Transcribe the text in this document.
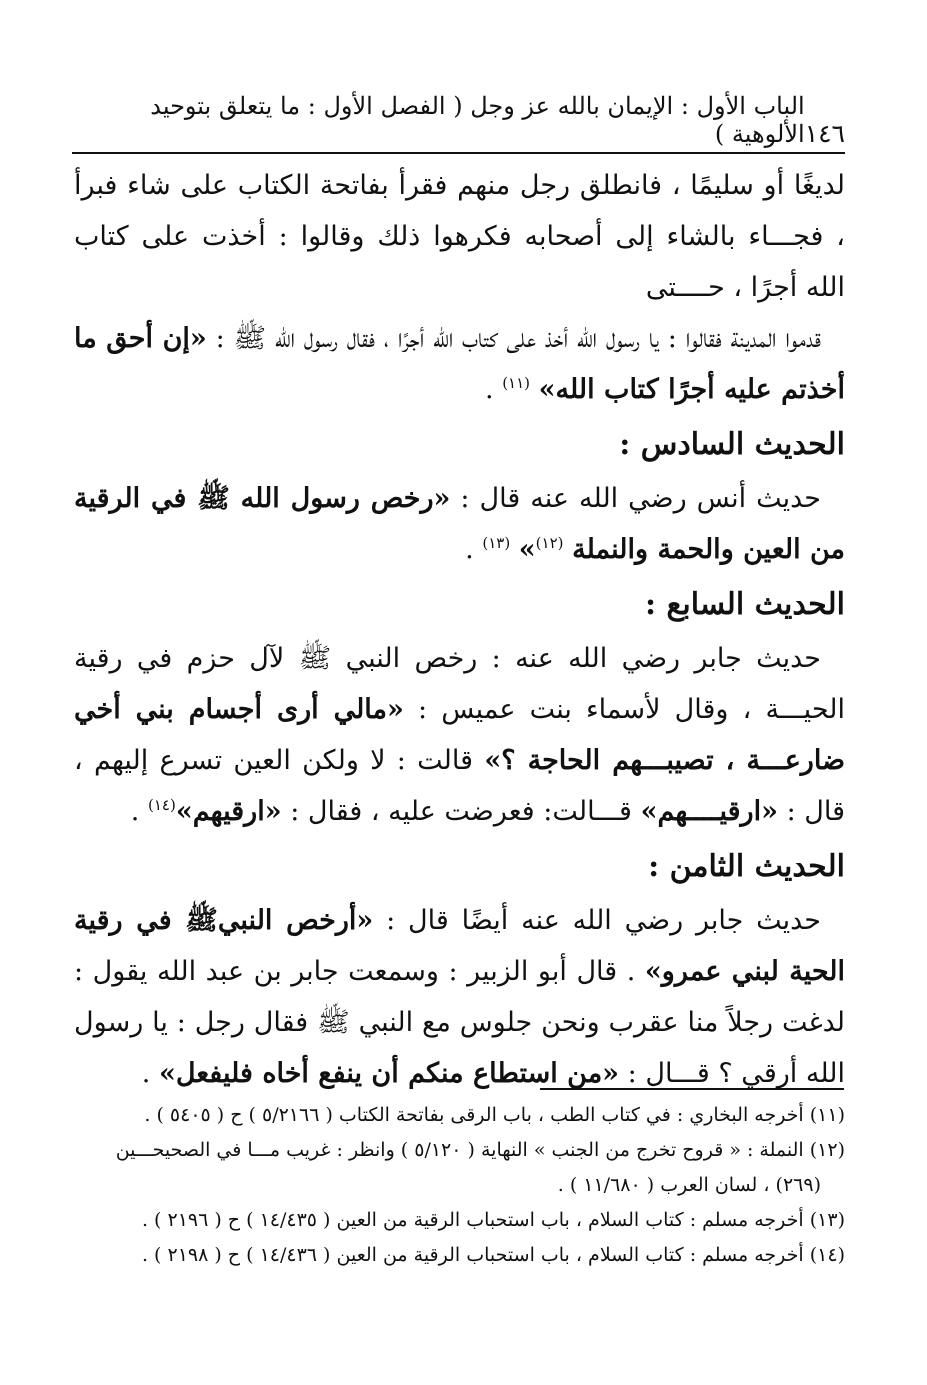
١٤٦
الباب الأول : الإيمان بالله عز وجل ( الفصل الأول : ما يتعلق بتوحيد الألوهية )

لديغًا أو سليمًا ، فانطلق رجل منهم فقرأ بفاتحة الكتاب على شاء فبرأ ، فجـــاء بالشاء إلى أصحابه فكرهوا ذلك وقالوا : أخذت على كتاب الله أجرًا ، حــــتى
قدموا المدينة فقالوا : يا رسول الله أخذ على كتاب الله أجرًا ، فقال رسول الله ﷺ : «إن أحق ما أخذتم عليه أجرًا كتاب الله» $^{(١١)}$ .

الحديث السادس :

حديث أنس رضي الله عنه قال : «رخص رسول الله ﷺ في الرقية من العين والحمة والنملة $^{(١٢)}$» $^{(١٣)}$ .

الحديث السابع :

حديث جابر رضي الله عنه : رخص النبي ﷺ لآل حزم في رقية الحيـــة ، وقال لأسماء بنت عميس : «مالي أرى أجسام بني أخي ضارعـــة ، تصيبـــهم الحاجة ؟» قالت : لا ولكن العين تسرع إليهم ، قال : «ارقيــــهم» قـــالت: فعرضت عليه ، فقال : «ارقيهم»$^{(١٤)}$ .

الحديث الثامن :

حديث جابر رضي الله عنه أيضًا قال : «أرخص النبيﷺ في رقية الحية لبني عمرو» . قال أبو الزبير : وسمعت جابر بن عبد الله يقول : لدغت رجلاً منا عقرب ونحن جلوس مع النبي ﷺ فقال رجل : يا رسول الله أرقي ؟ قـــال : «من استطاع منكم أن ينفع أخاه فليفعل» .

(١١) أخرجه البخاري : في كتاب الطب ، باب الرقى بفاتحة الكتاب ( ٥/٢١٦٦ ) ح ( ٥٤٠٥ ) .

(١٢) النملة : « قروح تخرج من الجنب » النهاية ( ٥/١٢٠ ) وانظر : غريب مـــا في الصحيحـــين

(٢٦٩) ، لسان العرب ( ١١/٦٨٠ ) .

(١٣) أخرجه مسلم : كتاب السلام ، باب استحباب الرقية من العين ( ١٤/٤٣٥ ) ح ( ٢١٩٦ ) .

(١٤) أخرجه مسلم : كتاب السلام ، باب استحباب الرقية من العين ( ١٤/٤٣٦ ) ح ( ٢١٩٨ ) .
